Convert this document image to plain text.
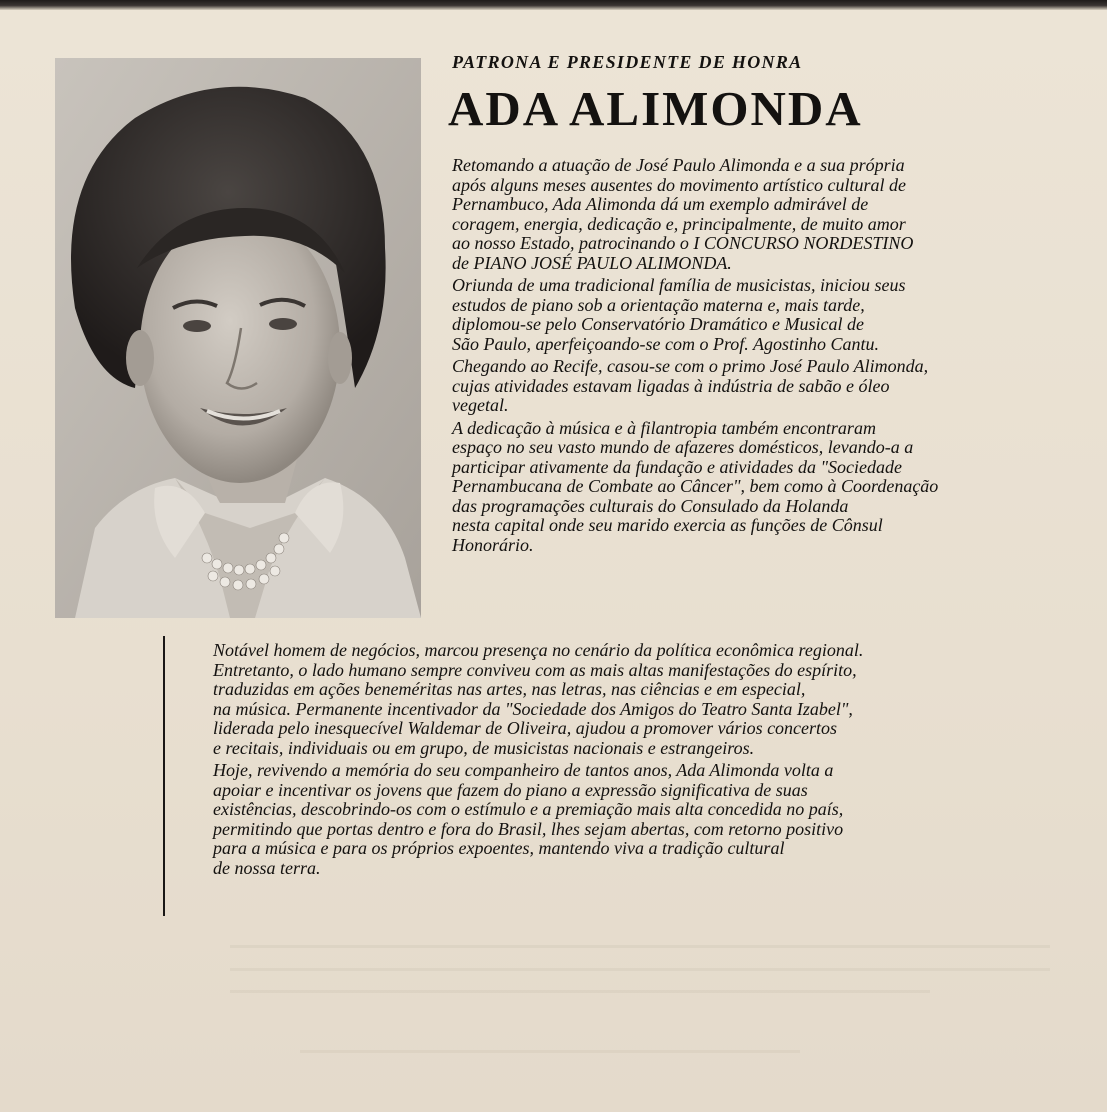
PATRONA E PRESIDENTE DE HONRA
ADA ALIMONDA

Retomando a atuação de José Paulo Alimonda e a sua própria
após alguns meses ausentes do movimento artístico cultural de
Pernambuco, Ada Alimonda dá um exemplo admirável de
coragem, energia, dedicação e, principalmente, de muito amor
ao nosso Estado, patrocinando o I CONCURSO NORDESTINO
de PIANO JOSÉ PAULO ALIMONDA.

Oriunda de uma tradicional família de musicistas, iniciou seus
estudos de piano sob a orientação materna e, mais tarde,
diplomou-se pelo Conservatório Dramático e Musical de
São Paulo, aperfeiçoando-se com o Prof. Agostinho Cantu.

Chegando ao Recife, casou-se com o primo José Paulo Alimonda,
cujas atividades estavam ligadas à indústria de sabão e óleo
vegetal.

A dedicação à música e à filantropia também encontraram
espaço no seu vasto mundo de afazeres domésticos, levando-a a
participar ativamente da fundação e atividades da "Sociedade
Pernambucana de Combate ao Câncer", bem como à Coordenação
das programações culturais do Consulado da Holanda
nesta capital onde seu marido exercia as funções de Cônsul
Honorário.

Notável homem de negócios, marcou presença no cenário da política econômica regional.
Entretanto, o lado humano sempre conviveu com as mais altas manifestações do espírito,
traduzidas em ações beneméritas nas artes, nas letras, nas ciências e em especial,
na música. Permanente incentivador da "Sociedade dos Amigos do Teatro Santa Izabel",
liderada pelo inesquecível Waldemar de Oliveira, ajudou a promover vários concertos
e recitais, individuais ou em grupo, de musicistas nacionais e estrangeiros.

Hoje, revivendo a memória do seu companheiro de tantos anos, Ada Alimonda volta a
apoiar e incentivar os jovens que fazem do piano a expressão significativa de suas
existências, descobrindo-os com o estímulo e a premiação mais alta concedida no país,
permitindo que portas dentro e fora do Brasil, lhes sejam abertas, com retorno positivo
para a música e para os próprios expoentes, mantendo viva a tradição cultural
de nossa terra.
